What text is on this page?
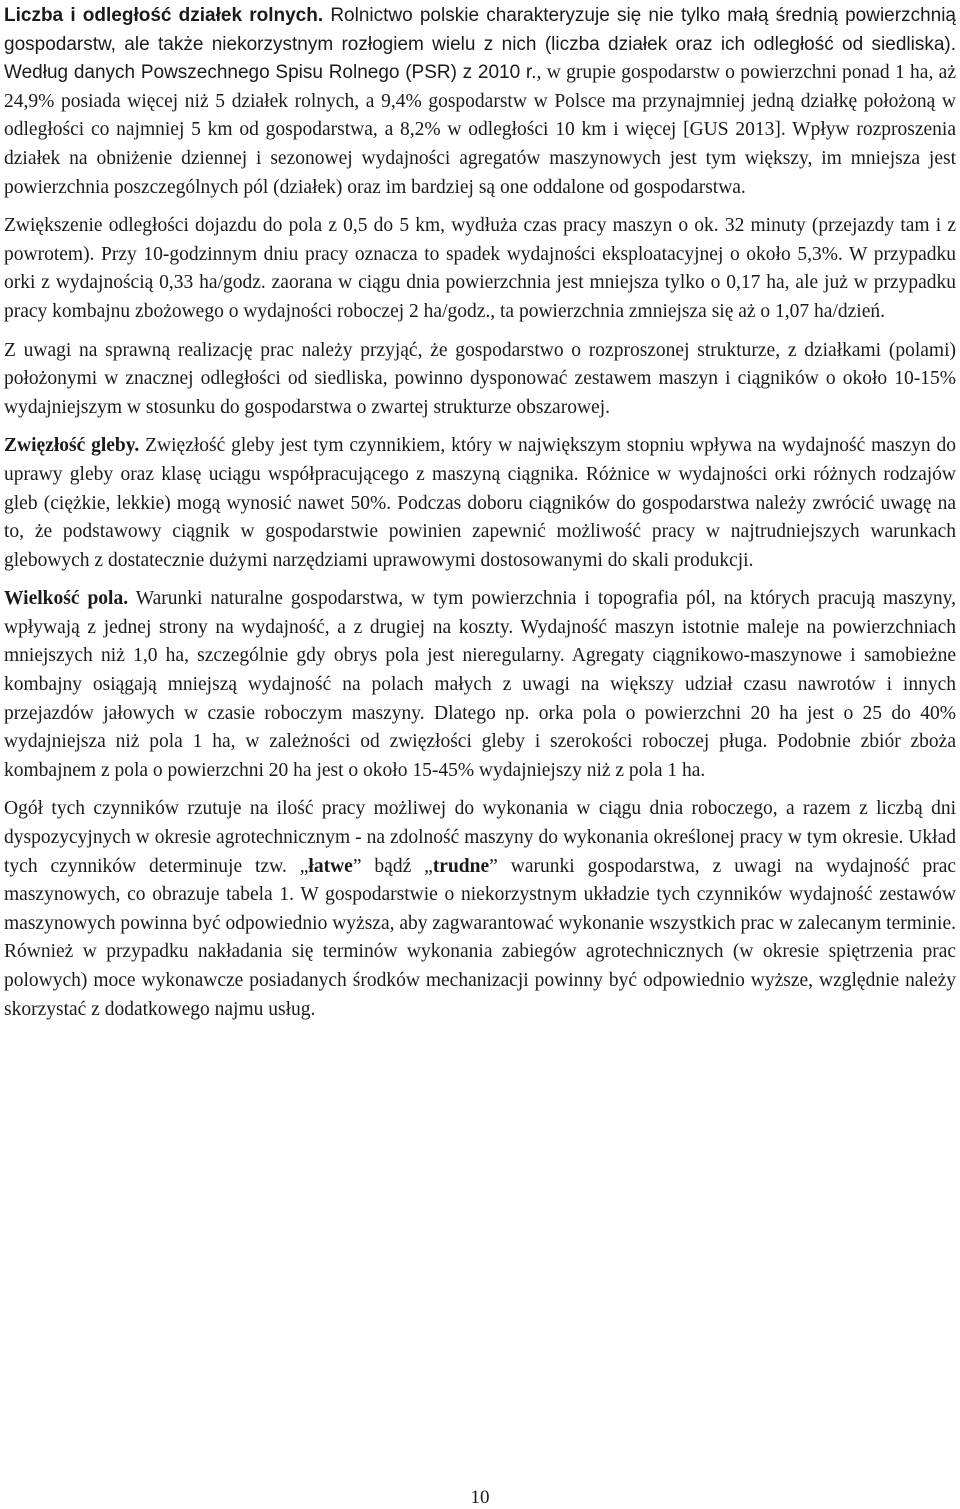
Liczba i odległość działek rolnych. Rolnictwo polskie charakteryzuje się nie tylko małą średnią powierzchnią gospodarstw, ale także niekorzystnym rozłogiem wielu z nich (liczba działek oraz ich odległość od siedliska). Według danych Powszechnego Spisu Rolnego (PSR) z 2010 r., w grupie gospodarstw o powierzchni ponad 1 ha, aż 24,9% posiada więcej niż 5 działek rolnych, a 9,4% gospodarstw w Polsce ma przynajmniej jedną działkę położoną w odległości co najmniej 5 km od gospodarstwa, a 8,2% w odległości 10 km i więcej [GUS 2013]. Wpływ rozproszenia działek na obniżenie dziennej i sezonowej wydajności agregatów maszynowych jest tym większy, im mniejsza jest powierzchnia poszczególnych pól (działek) oraz im bardziej są one oddalone od gospodarstwa.

Zwiększenie odległości dojazdu do pola z 0,5 do 5 km, wydłuża czas pracy maszyn o ok. 32 minuty (przejazdy tam i z powrotem). Przy 10-godzinnym dniu pracy oznacza to spadek wydajności eksploatacyjnej o około 5,3%. W przypadku orki z wydajnością 0,33 ha/godz. zaorana w ciągu dnia powierzchnia jest mniejsza tylko o 0,17 ha, ale już w przypadku pracy kombajnu zbożowego o wydajności roboczej 2 ha/godz., ta powierzchnia zmniejsza się aż o 1,07 ha/dzień.

Z uwagi na sprawną realizację prac należy przyjąć, że gospodarstwo o rozproszonej strukturze, z działkami (polami) położonymi w znacznej odległości od siedliska, powinno dysponować zestawem maszyn i ciągników o około 10-15% wydajniejszym w stosunku do gospodarstwa o zwartej strukturze obszarowej.

Zwięzłość gleby. Zwięzłość gleby jest tym czynnikiem, który w największym stopniu wpływa na wydajność maszyn do uprawy gleby oraz klasę uciągu współpracującego z maszyną ciągnika. Różnice w wydajności orki różnych rodzajów gleb (ciężkie, lekkie) mogą wynosić nawet 50%. Podczas doboru ciągników do gospodarstwa należy zwrócić uwagę na to, że podstawowy ciągnik w gospodarstwie powinien zapewnić możliwość pracy w najtrudniejszych warunkach glebowych z dostatecznie dużymi narzędziami uprawowymi dostosowanymi do skali produkcji.

Wielkość pola. Warunki naturalne gospodarstwa, w tym powierzchnia i topografia pól, na których pracują maszyny, wpływają z jednej strony na wydajność, a z drugiej na koszty. Wydajność maszyn istotnie maleje na powierzchniach mniejszych niż 1,0 ha, szczególnie gdy obrys pola jest nieregularny. Agregaty ciągnikowo-maszynowe i samobieżne kombajny osiągają mniejszą wydajność na polach małych z uwagi na większy udział czasu nawrotów i innych przejazdów jałowych w czasie roboczym maszyny. Dlatego np. orka pola o powierzchni 20 ha jest o 25 do 40% wydajniejsza niż pola 1 ha, w zależności od zwięzłości gleby i szerokości roboczej pługa. Podobnie zbiór zboża kombajnem z pola o powierzchni 20 ha jest o około 15-45% wydajniejszy niż z pola 1 ha.

Ogół tych czynników rzutuje na ilość pracy możliwej do wykonania w ciągu dnia roboczego, a razem z liczbą dni dyspozycyjnych w okresie agrotechnicznym - na zdolność maszyny do wykonania określonej pracy w tym okresie. Układ tych czynników determinuje tzw. „łatwe” bądź „trudne” warunki gospodarstwa, z uwagi na wydajność prac maszynowych, co obrazuje tabela 1. W gospodarstwie o niekorzystnym układzie tych czynników wydajność zestawów maszynowych powinna być odpowiednio wyższa, aby zagwarantować wykonanie wszystkich prac w zalecanym terminie. Również w przypadku nakładania się terminów wykonania zabiegów agrotechnicznych (w okresie spiętrzenia prac polowych) moce wykonawcze posiadanych środków mechanizacji powinny być odpowiednio wyższe, względnie należy skorzystać z dodatkowego najmu usług.

10
